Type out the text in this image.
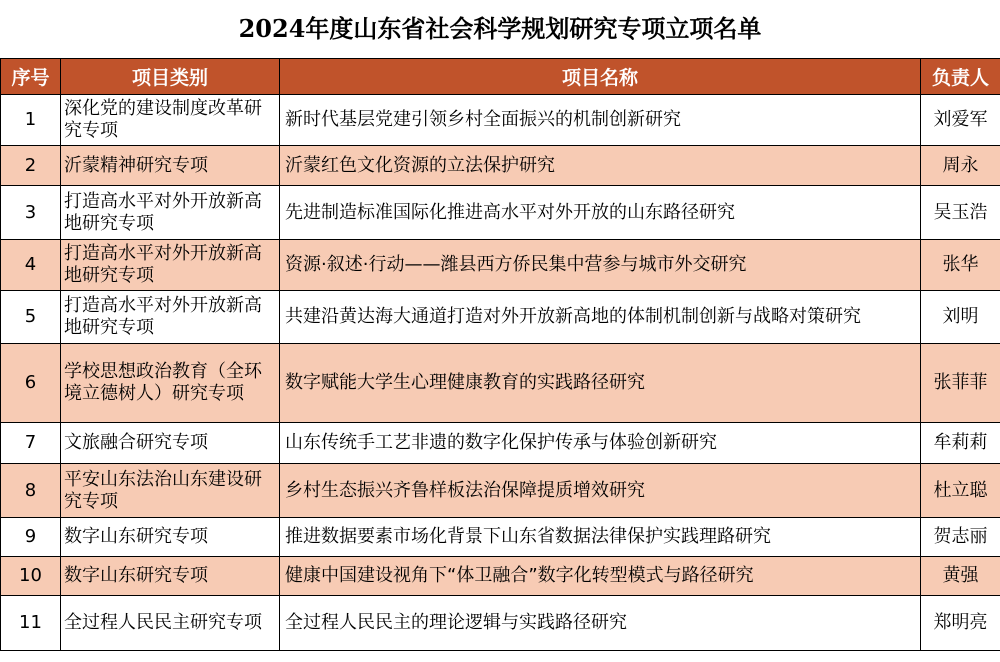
2024年度山东省社会科学规划研究专项立项名单
序号	项目类别	项目名称	负责人
1	深化党的建设制度改革研究专项	新时代基层党建引领乡村全面振兴的机制创新研究	刘爱军
2	沂蒙精神研究专项	沂蒙红色文化资源的立法保护研究	周永
3	打造高水平对外开放新高地研究专项	先进制造标准国际化推进高水平对外开放的山东路径研究	吴玉浩
4	打造高水平对外开放新高地研究专项	资源·叙述·行动——潍县西方侨民集中营参与城市外交研究	张华
5	打造高水平对外开放新高地研究专项	共建沿黄达海大通道打造对外开放新高地的体制机制创新与战略对策研究	刘明
6	学校思想政治教育（全环境立德树人）研究专项	数字赋能大学生心理健康教育的实践路径研究	张菲菲
7	文旅融合研究专项	山东传统手工艺非遗的数字化保护传承与体验创新研究	牟莉莉
8	平安山东法治山东建设研究专项	乡村生态振兴齐鲁样板法治保障提质增效研究	杜立聪
9	数字山东研究专项	推进数据要素市场化背景下山东省数据法律保护实践理路研究	贺志丽
10	数字山东研究专项	健康中国建设视角下“体卫融合”数字化转型模式与路径研究	黄强
11	全过程人民民主研究专项	全过程人民民主的理论逻辑与实践路径研究	郑明亮
